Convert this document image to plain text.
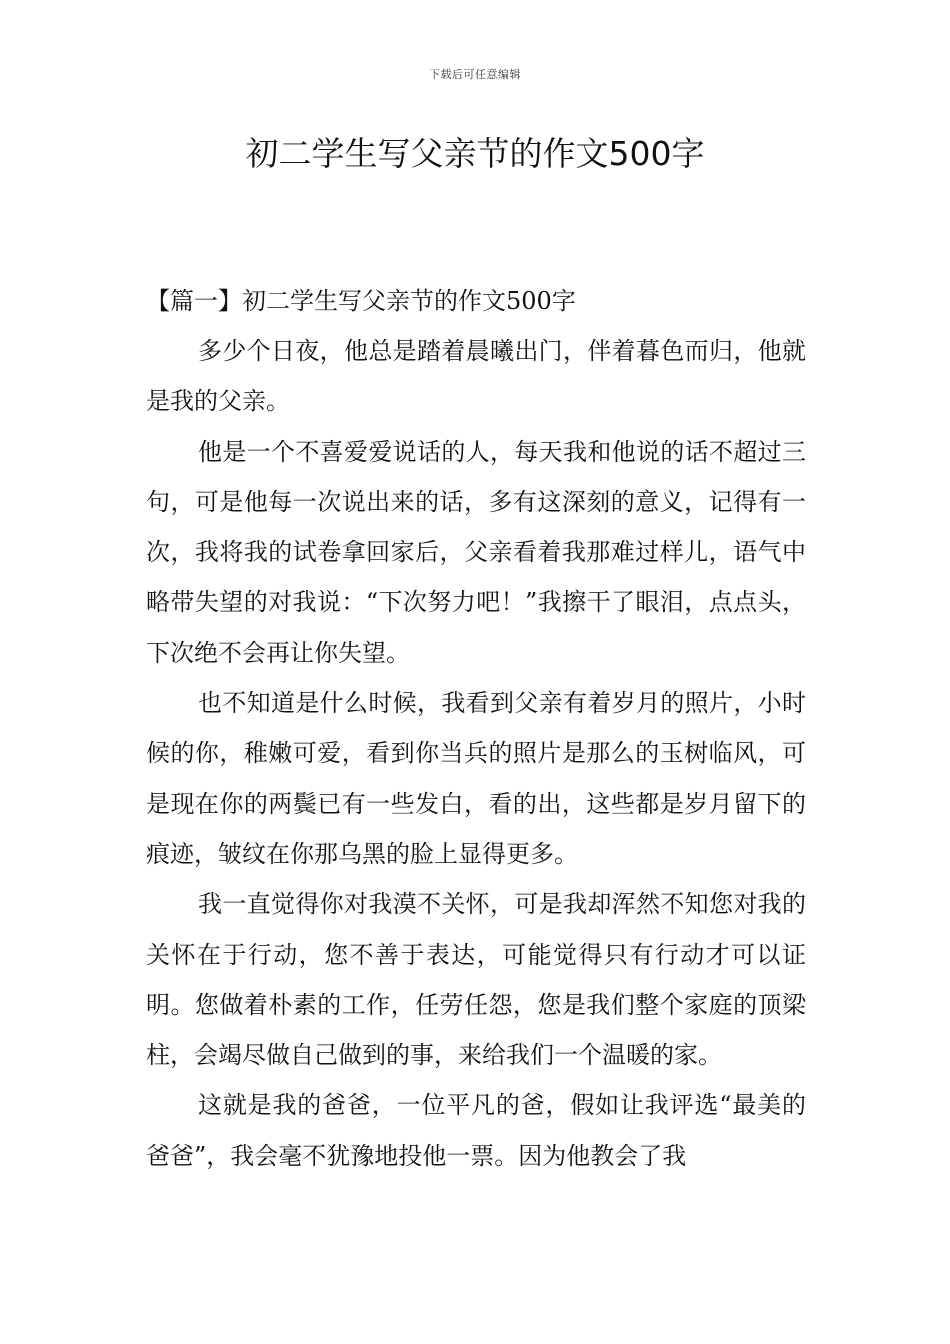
下载后可任意编辑
初二学生写父亲节的作文500字

【篇一】初二学生写父亲节的作文500字

多少个日夜，他总是踏着晨曦出门，伴着暮色而归，他就是我的父亲。

他是一个不喜爱爱说话的人，每天我和他说的话不超过三句，可是他每一次说出来的话，多有这深刻的意义，记得有一次，我将我的试卷拿回家后，父亲看着我那难过样儿，语气中略带失望的对我说：“下次努力吧！”我擦干了眼泪，点点头，下次绝不会再让你失望。

也不知道是什么时候，我看到父亲有着岁月的照片，小时候的你，稚嫩可爱，看到你当兵的照片是那么的玉树临风，可是现在你的两鬓已有一些发白，看的出，这些都是岁月留下的痕迹，皱纹在你那乌黑的脸上显得更多。

我一直觉得你对我漠不关怀，可是我却浑然不知您对我的关怀在于行动，您不善于表达，可能觉得只有行动才可以证明。您做着朴素的工作，任劳任怨，您是我们整个家庭的顶梁柱，会竭尽做自己做到的事，来给我们一个温暖的家。

这就是我的爸爸，一位平凡的爸，假如让我评选“最美的爸爸”，我会毫不犹豫地投他一票。因为他教会了我
